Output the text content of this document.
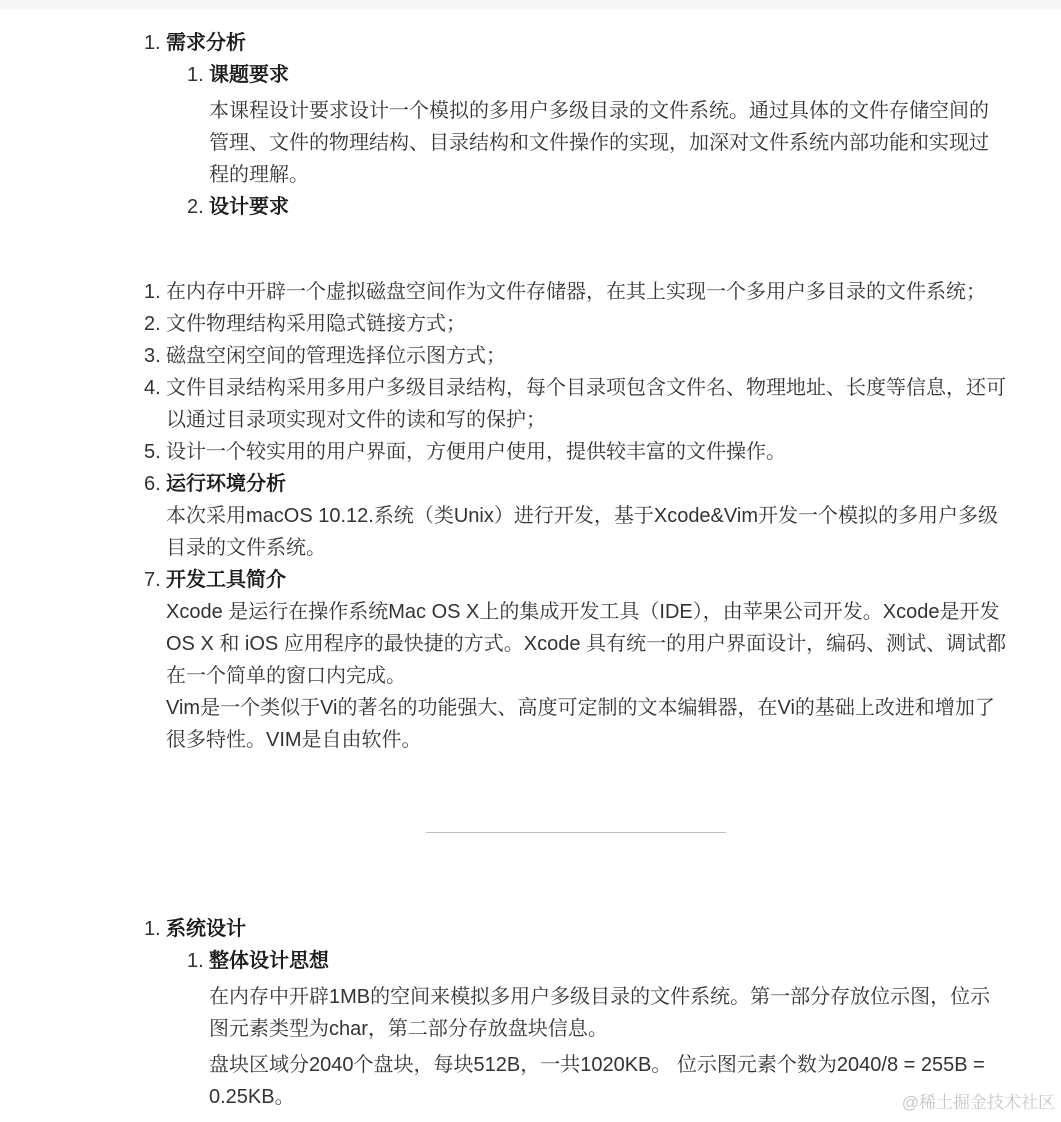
1. 需求分析
1. 课题要求

本课程设计要求设计一个模拟的多用户多级目录的文件系统。通过具体的文件存储空间的管理、文件的物理结构、目录结构和文件操作的实现，加深对文件系统内部功能和实现过程的理解。

2. 设计要求
1. 在内存中开辟一个虚拟磁盘空间作为文件存储器，在其上实现一个多用户多目录的文件系统；
2. 文件物理结构采用隐式链接方式；
3. 磁盘空闲空间的管理选择位示图方式；
4. 文件目录结构采用多用户多级目录结构，每个目录项包含文件名、物理地址、长度等信息，还可以通过目录项实现对文件的读和写的保护；
5. 设计一个较实用的用户界面，方便用户使用，提供较丰富的文件操作。
6. 运行环境分析

本次采用macOS 10.12.系统（类Unix）进行开发，基于Xcode&Vim开发一个模拟的多用户多级目录的文件系统。

7. 开发工具简介

Xcode 是运行在操作系统Mac OS X上的集成开发工具（IDE），由苹果公司开发。Xcode是开发OS X 和 iOS 应用程序的最快捷的方式。Xcode 具有统一的用户界面设计，编码、测试、调试都在一个简单的窗口内完成。

Vim是一个类似于Vi的著名的功能强大、高度可定制的文本编辑器，在Vi的基础上改进和增加了很多特性。VIM是自由软件。

1. 系统设计
1. 整体设计思想

在内存中开辟1MB的空间来模拟多用户多级目录的文件系统。第一部分存放位示图，位示图元素类型为char，第二部分存放盘块信息。

盘块区域分2040个盘块，每块512B，一共1020KB。 位示图元素个数为2040/8 = 255B = 0.25KB。	@稀土掘金技术社区
